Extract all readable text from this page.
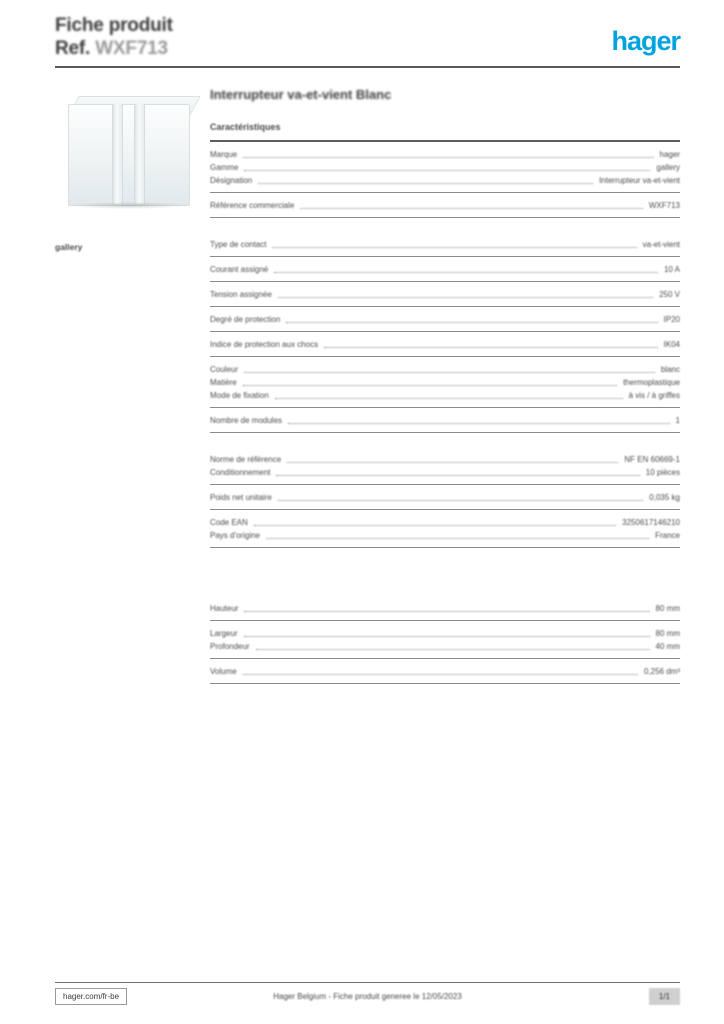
Fiche produit
Ref. WXF713	hager
gallery
Interrupteur va-et-vient Blanc
Caractéristiques
Marque	hager
Gamme	gallery
Désignation	Interrupteur va-et-vient
Référence commerciale	WXF713
Type de contact	va-et-vient
Courant assigné	10 A
Tension assignée	250 V
Degré de protection	IP20
Indice de protection aux chocs	IK04
Couleur	blanc
Matière	thermoplastique
Mode de fixation	à vis / à griffes
Nombre de modules	1
Norme de référence	NF EN 60669-1
Conditionnement	10 pièces
Poids net unitaire	0,035 kg
Code EAN	3250617146210
Pays d'origine	France
Hauteur	80 mm
Largeur	80 mm
Profondeur	40 mm
Volume	0,256 dm³
hager.com/fr-be	Hager Belgium - Fiche produit generee le 12/05/2023	1/1
